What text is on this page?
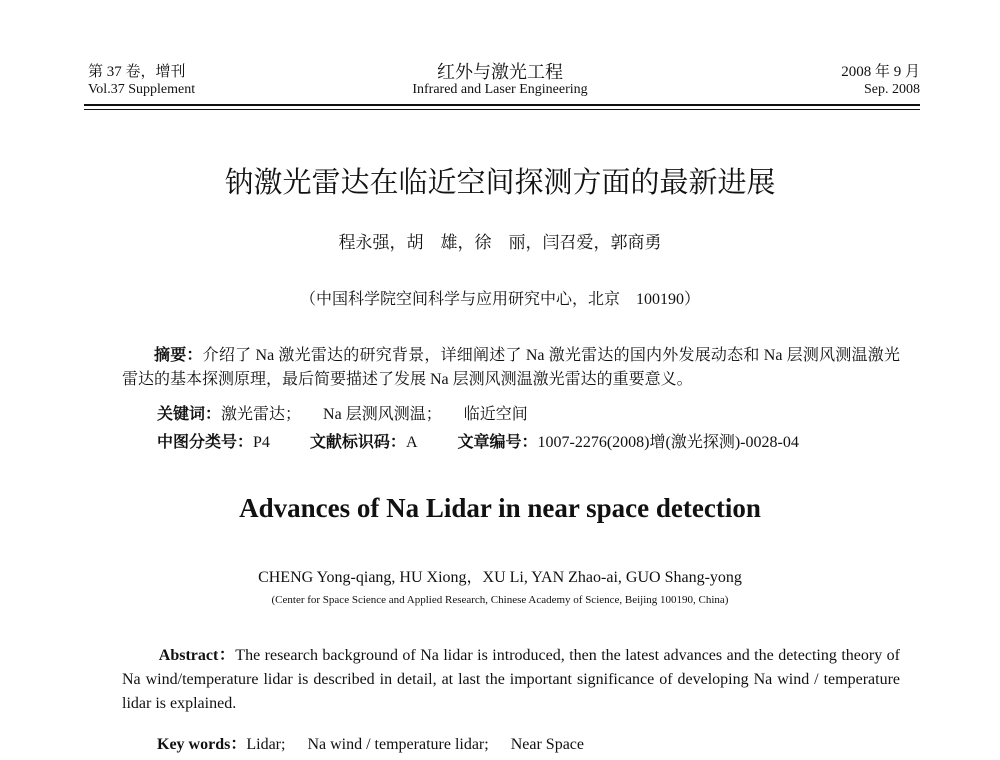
第 37 卷，增刊
Vol.37 Supplement
红外与激光工程
Infrared and Laser Engineering
2008 年 9 月
Sep. 2008
钠激光雷达在临近空间探测方面的最新进展
程永强，胡　雄，徐　丽，闫召爱，郭商勇
（中国科学院空间科学与应用研究中心，北京　100190）
摘要：介绍了 Na 激光雷达的研究背景，详细阐述了 Na 激光雷达的国内外发展动态和 Na 层测风测温激光雷达的基本探测原理，最后简要描述了发展 Na 层测风测温激光雷达的重要意义。
关键词：激光雷达； Na 层测风测温； 临近空间
中图分类号：P4	文献标识码：A	文章编号：1007-2276(2008)增(激光探测)-0028-04
Advances of Na Lidar in near space detection
CHENG Yong-qiang, HU Xiong，XU Li, YAN Zhao-ai, GUO Shang-yong
(Center for Space Science and Applied Research, Chinese Academy of Science, Beijing 100190, China)
Abstract：The research background of Na lidar is introduced, then the latest advances and the detecting theory of Na wind/temperature lidar is described in detail, at last the important significance of developing Na wind / temperature lidar is explained.
Key words：Lidar; Na wind / temperature lidar; Near Space
